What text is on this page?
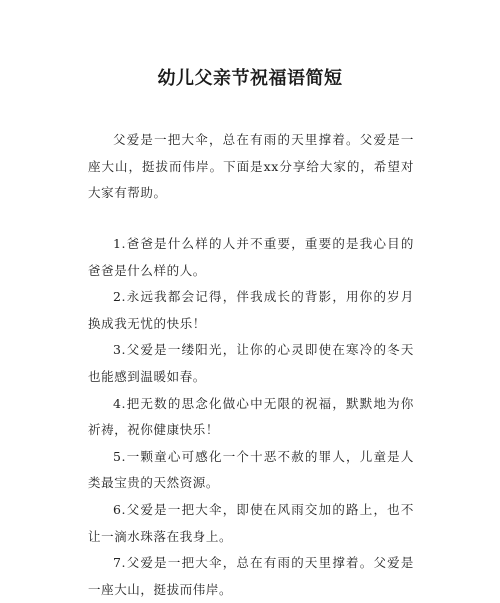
幼儿父亲节祝福语简短

父爱是一把大伞，总在有雨的天里撑着。父爱是一座大山，挺拔而伟岸。下面是xx分享给大家的，希望对大家有帮助。

1.爸爸是什么样的人并不重要，重要的是我心目的爸爸是什么样的人。

2.永远我都会记得，伴我成长的背影，用你的岁月换成我无忧的快乐！

3.父爱是一缕阳光，让你的心灵即使在寒冷的冬天也能感到温暖如春。

4.把无数的思念化做心中无限的祝福，默默地为你祈祷，祝你健康快乐！

5.一颗童心可感化一个十恶不赦的罪人，儿童是人类最宝贵的天然资源。

6.父爱是一把大伞，即使在风雨交加的路上，也不让一滴水珠落在我身上。

7.父爱是一把大伞，总在有雨的天里撑着。父爱是一座大山，挺拔而伟岸。
